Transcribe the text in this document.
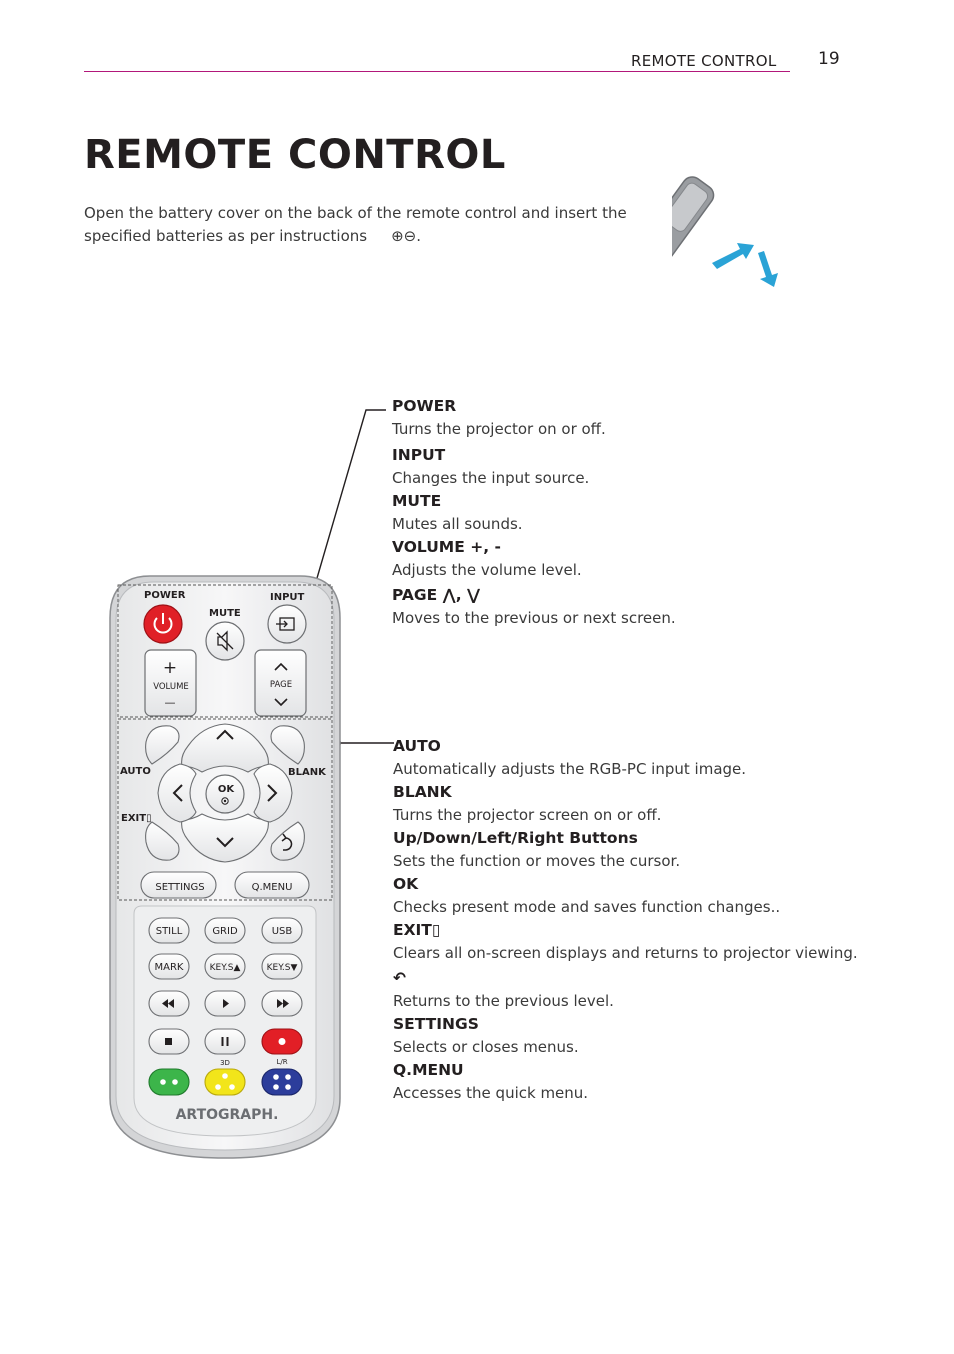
REMOTE CONTROL 19
REMOTE CONTROL
Open the battery cover on the back of the remote control and insert the
specified batteries as per instructions ⊕⊖.
POWER
Turns the projector on or off.
INPUT
Changes the input source.
MUTE
Mutes all sounds.
VOLUME +, -
Adjusts the volume level.
PAGE ⋀, ⋁
Moves to the previous or next screen.
AUTO
Automatically adjusts the RGB-PC input image.
BLANK
Turns the projector screen on or off.
Up/Down/Left/Right Buttons
Sets the function or moves the cursor.
OK
Checks present mode and saves function changes..
EXIT▯
Clears all on-screen displays and returns to projector viewing.
↶
Returns to the previous level.
SETTINGS
Selects or closes menus.
Q.MENU
Accesses the quick menu.
POWER
MUTE
INPUT
+
VOLUME
—
PAGE
AUTO	BLANK
OK
EXIT▯
SETTINGS	Q.MENU
STILL	GRID	USB
MARK	KEY.S▲	KEY.S▼
3D	L/R
ARTOGRAPH.
